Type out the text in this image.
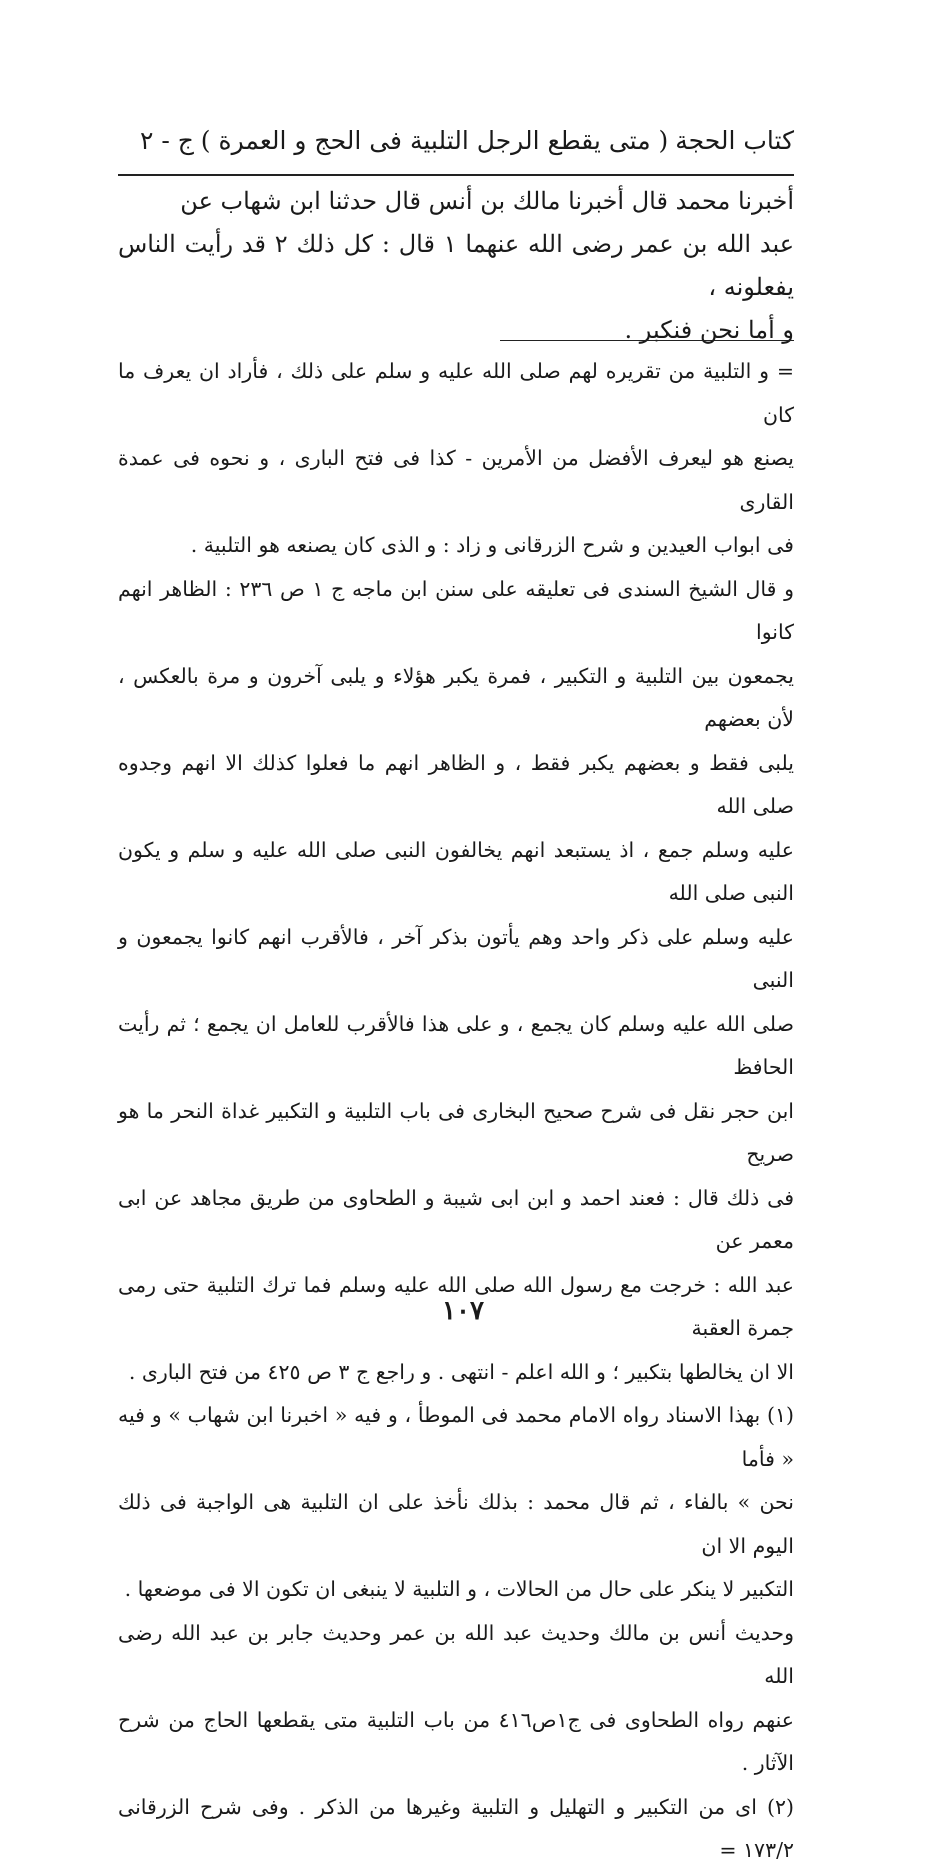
كتاب الحجة
( متى يقطع الرجل التلبية فى الحج و العمرة )
ج - ٢

أخبرنا محمد قال أخبرنا مالك بن أنس قال حدثنا ابن شهاب عن

عبد الله بن عمر رضى الله عنهما ١ قال : كل ذلك ٢ قد رأيت الناس يفعلونه ،

و أما نحن فنكبر .

= و التلبية من تقريره لهم صلى الله عليه و سلم على ذلك ، فأراد ان يعرف ما كان

يصنع هو ليعرف الأفضل من الأمرين - كذا فى فتح البارى ، و نحوه فى عمدة القارى

فى ابواب العيدين و شرح الزرقانى و زاد : و الذى كان يصنعه هو التلبية .

و قال الشيخ السندى فى تعليقه على سنن ابن ماجه ج ١ ص ٢٣٦ : الظاهر انهم كانوا

يجمعون بين التلبية و التكبير ، فمرة يكبر هؤلاء و يلبى آخرون و مرة بالعكس ، لأن بعضهم

يلبى فقط و بعضهم يكبر فقط ، و الظاهر انهم ما فعلوا كذلك الا انهم وجدوه صلى الله

عليه وسلم جمع ، اذ يستبعد انهم يخالفون النبى صلى الله عليه و سلم و يكون النبى صلى الله

عليه وسلم على ذكر واحد وهم يأتون بذكر آخر ، فالأقرب انهم كانوا يجمعون و النبى

صلى الله عليه وسلم كان يجمع ، و على هذا فالأقرب للعامل ان يجمع ؛ ثم رأيت الحافظ

ابن حجر نقل فى شرح صحيح البخارى فى باب التلبية و التكبير غداة النحر ما هو صريح

فى ذلك قال : فعند احمد و ابن ابى شيبة و الطحاوى من طريق مجاهد عن ابى معمر عن

عبد الله : خرجت مع رسول الله صلى الله عليه وسلم فما ترك التلبية حتى رمى جمرة العقبة

الا ان يخالطها بتكبير ؛ و الله اعلم - انتهى . و راجع ج ٣ ص ٤٢٥ من فتح البارى .

(١) بهذا الاسناد رواه الامام محمد فى الموطأ ، و فيه « اخبرنا ابن شهاب » و فيه « فأما

نحن » بالفاء ، ثم قال محمد : بذلك نأخذ على ان التلبية هى الواجبة فى ذلك اليوم الا ان

التكبير لا ينكر على حال من الحالات ، و التلبية لا ينبغى ان تكون الا فى موضعها .

وحديث أنس بن مالك وحديث عبد الله بن عمر وحديث جابر بن عبد الله رضى الله

عنهم رواه الطحاوى فى ج١ص٤١٦ من باب التلبية متى يقطعها الحاج من شرح الآثار .

(٢) اى من التكبير و التهليل و التلبية وغيرها من الذكر . وفى شرح الزرقانى ١٧٣/٢ =

١٠٧
